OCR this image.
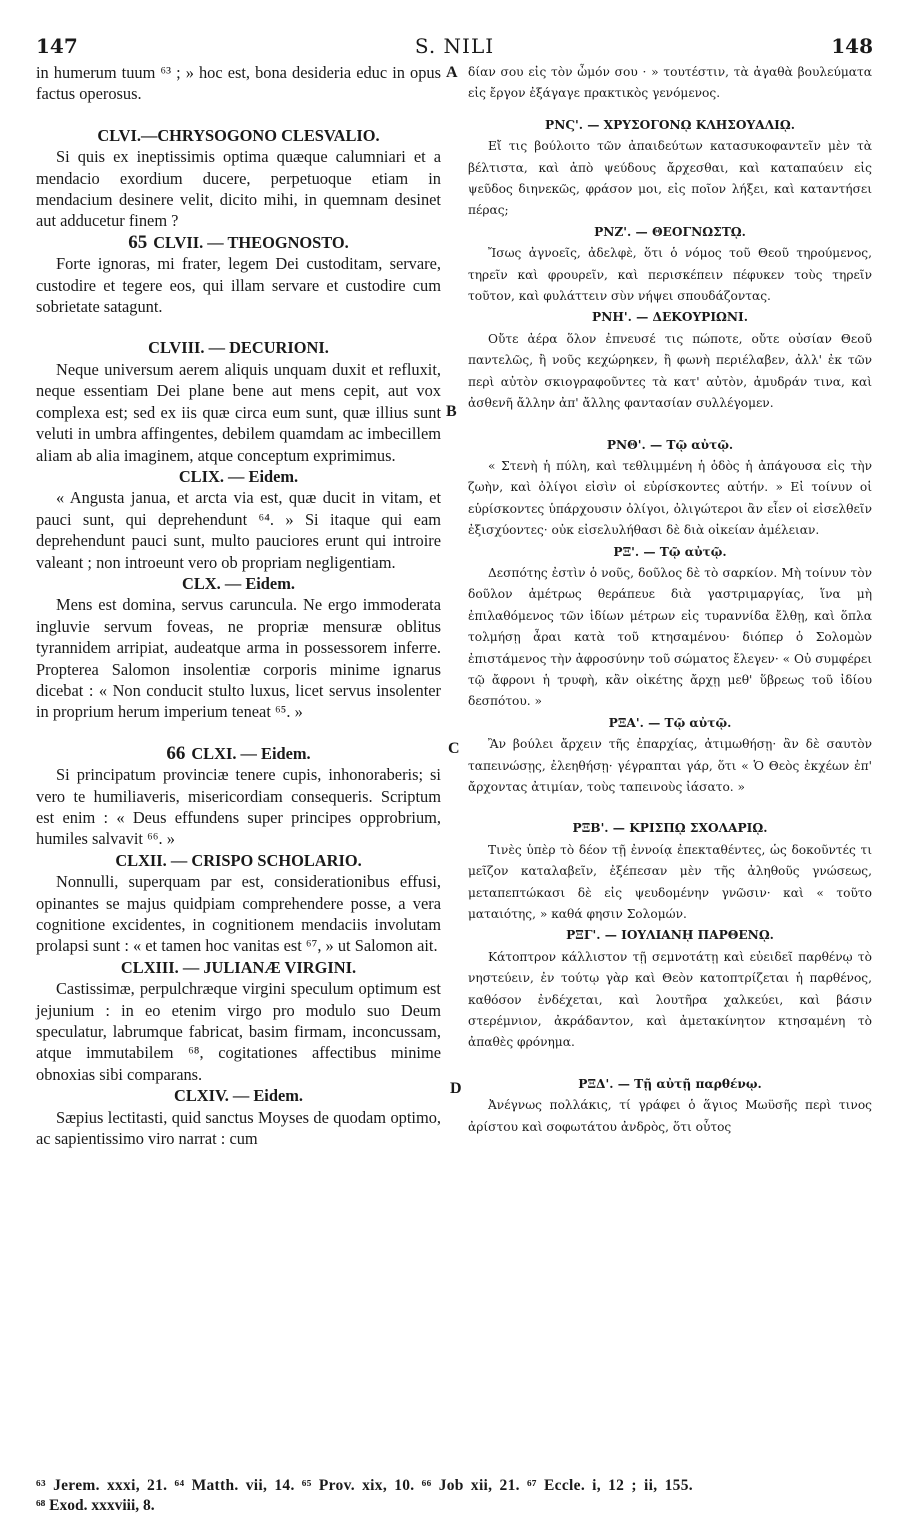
147	S. NILI	148
A
B
C
D

in humerum tuum ⁶³ ; » hoc est, bona desideria educ in opus factus operosus.

CLVI.—CHRYSOGONO CLESVALIO.

Si quis ex ineptissimis optima quæque calumniari et a mendacio exordium ducere, perpetuoque etiam in mendacium desinere velit, dicito mihi, in quemnam desinet aut adducetur finem ?

65 CLVII. — THEOGNOSTO.

Forte ignoras, mi frater, legem Dei custoditam, servare, custodire et tegere eos, qui illam servare et custodire cum sobrietate satagunt.

CLVIII. — DECURIONI.

Neque universum aerem aliquis unquam duxit et refluxit, neque essentiam Dei plane bene aut mens cepit, aut vox complexa est; sed ex iis quæ circa eum sunt, quæ illius sunt veluti in umbra affingentes, debilem quamdam ac imbecillem aliam ab alia imaginem, atque conceptum exprimimus.

CLIX. — Eidem.

« Angusta janua, et arcta via est, quæ ducit in vitam, et pauci sunt, qui deprehendunt ⁶⁴. » Si itaque qui eam deprehendunt pauci sunt, multo pauciores erunt qui introire valeant ; non introeunt vero ob propriam negligentiam.

CLX. — Eidem.

Mens est domina, servus caruncula. Ne ergo immoderata ingluvie servum foveas, ne propriæ mensuræ oblitus tyrannidem arripiat, audeatque arma in possessorem inferre. Propterea Salomon insolentiæ corporis minime ignarus dicebat : « Non conducit stulto luxus, licet servus insolenter in proprium herum imperium teneat ⁶⁵. »

66 CLXI. — Eidem.

Si principatum provinciæ tenere cupis, inhonoraberis; si vero te humiliaveris, misericordiam consequeris. Scriptum est enim : « Deus effundens super principes opprobrium, humiles salvavit ⁶⁶. »

CLXII. — CRISPO SCHOLARIO.

Nonnulli, superquam par est, considerationibus effusi, opinantes se majus quidpiam comprehendere posse, a vera cognitione excidentes, in cognitionem mendaciis involutam prolapsi sunt : « et tamen hoc vanitas est ⁶⁷, » ut Salomon ait.

CLXIII. — JULIANÆ VIRGINI.

Castissimæ, perpulchræque virgini speculum optimum est jejunium : in eo etenim virgo pro modulo suo Deum speculatur, labrumque fabricat, basim firmam, inconcussam, atque immutabilem ⁶⁸, cogitationes affectibus minime obnoxias sibi comparans.

CLXIV. — Eidem.

Sæpius lectitasti, quid sanctus Moyses de quodam optimo, ac sapientissimo viro narrat : cum

δίαν σου εἰς τὸν ὦμόν σου · » τουτέστιν, τὰ ἀγαθὰ βουλεύματα εἰς ἔργον ἐξάγαγε πρακτικὸς γενόμενος.

ΡΝϚ'. — ΧΡΥΣΟΓΟΝῼ ΚΛΗΣΟΥΑΛΙῼ.

Εἴ τις βούλοιτο τῶν ἀπαιδεύτων κατασυκοφαντεῖν μὲν τὰ βέλτιστα, καὶ ἀπὸ ψεύδους ἄρχεσθαι, καὶ καταπαύειν εἰς ψεῦδος διηνεκῶς, φράσον μοι, εἰς ποῖον λήξει, καὶ καταντήσει πέρας;

ΡΝΖ'. — ΘΕΟΓΝΩΣΤῼ.

Ἴσως ἀγνοεῖς, ἀδελφὲ, ὅτι ὁ νόμος τοῦ Θεοῦ τηρούμενος, τηρεῖν καὶ φρουρεῖν, καὶ περισκέπειν πέφυκεν τοὺς τηρεῖν τοῦτον, καὶ φυλάττειν σὺν νήψει σπουδάζοντας.

ΡΝΗ'. — ΔΕΚΟΥΡΙΩΝΙ.

Οὔτε ἀέρα ὅλον ἐπνευσέ τις πώποτε, οὔτε οὐσίαν Θεοῦ παντελῶς, ἢ νοῦς κεχώρηκεν, ἢ φωνὴ περιέλαβεν, ἀλλ' ἐκ τῶν περὶ αὐτὸν σκιογραφοῦντες τὰ κατ' αὐτὸν, ἀμυδράν τινα, καὶ ἀσθενῆ ἄλλην ἀπ' ἄλλης φαντασίαν συλλέγομεν.

ΡΝΘ'. — Τῷ αὐτῷ.

« Στενὴ ἡ πύλη, καὶ τεθλιμμένη ἡ ὁδὸς ἡ ἀπάγουσα εἰς τὴν ζωὴν, καὶ ὀλίγοι εἰσὶν οἱ εὑρίσκοντες αὐτήν. » Εἰ τοίνυν οἱ εὑρίσκοντες ὑπάρχουσιν ὀλίγοι, ὀλιγώτεροι ἂν εἶεν οἱ εἰσελθεῖν ἐξισχύοντες· οὐκ εἰσελυλήθασι δὲ διὰ οἰκείαν ἀμέλειαν.

ΡΞ'. — Τῷ αὐτῷ.

Δεσπότης ἐστὶν ὁ νοῦς, δοῦλος δὲ τὸ σαρκίον. Μὴ τοίνυν τὸν δοῦλον ἀμέτρως θεράπευε διὰ γαστριμαργίας, ἵνα μὴ ἐπιλαθόμενος τῶν ἰδίων μέτρων εἰς τυραννίδα ἔλθῃ, καὶ ὅπλα τολμήσῃ ἆραι κατὰ τοῦ κτησαμένου· διόπερ ὁ Σολομὼν ἐπιστάμενος τὴν ἀφροσύνην τοῦ σώματος ἔλεγεν· « Οὐ συμφέρει τῷ ἄφρονι ἡ τρυφὴ, κἂν οἰκέτης ἄρχῃ μεθ' ὕβρεως τοῦ ἰδίου δεσπότου. »

ΡΞΑ'. — Τῷ αὐτῷ.

Ἂν βούλει ἄρχειν τῆς ἐπαρχίας, ἀτιμωθήσῃ· ἂν δὲ σαυτὸν ταπεινώσῃς, ἐλεηθήσῃ· γέγραπται γάρ, ὅτι « Ὁ Θεὸς ἐκχέων ἐπ' ἄρχοντας ἀτιμίαν, τοὺς ταπεινοὺς ἰάσατο. »

ΡΞΒ'. — ΚΡΙΣΠῼ ΣΧΟΛΑΡΙῼ.

Τινὲς ὑπὲρ τὸ δέον τῇ ἐννοίᾳ ἐπεκταθέντες, ὡς δοκοῦντές τι μεῖζον καταλαβεῖν, ἐξέπεσαν μὲν τῆς ἀληθοῦς γνώσεως, μεταπεπτώκασι δὲ εἰς ψευδομένην γνῶσιν· καὶ « τοῦτο ματαιότης, » καθά φησιν Σολομών.

ΡΞΓ'. — ΙΟΥΛΙΑΝῌ ΠΑΡΘΕΝῼ.

Κάτοπτρον κάλλιστον τῇ σεμνοτάτῃ καὶ εὐειδεῖ παρθένῳ τὸ νηστεύειν, ἐν τούτῳ γὰρ καὶ Θεὸν κατοπτρίζεται ἡ παρθένος, καθόσον ἐνδέχεται, καὶ λουτῆρα χαλκεύει, καὶ βάσιν στερέμνιον, ἀκράδαντον, καὶ ἀμετακίνητον κτησαμένη τὸ ἀπαθὲς φρόνημα.

ΡΞΔ'. — Τῇ αὐτῇ παρθένῳ.

Ἀνέγνως πολλάκις, τί γράφει ὁ ἅγιος Μωϋσῆς περὶ τινος ἀρίστου καὶ σοφωτάτου ἀνδρὸς, ὅτι οὗτος

⁶³ Jerem. xxxi, 21. ⁶⁴ Matth. vii, 14. ⁶⁵ Prov. xix, 10. ⁶⁶ Job xii, 21. ⁶⁷ Eccle. i, 12 ; ii, 155.
⁶⁸ Exod. xxxviii, 8.
